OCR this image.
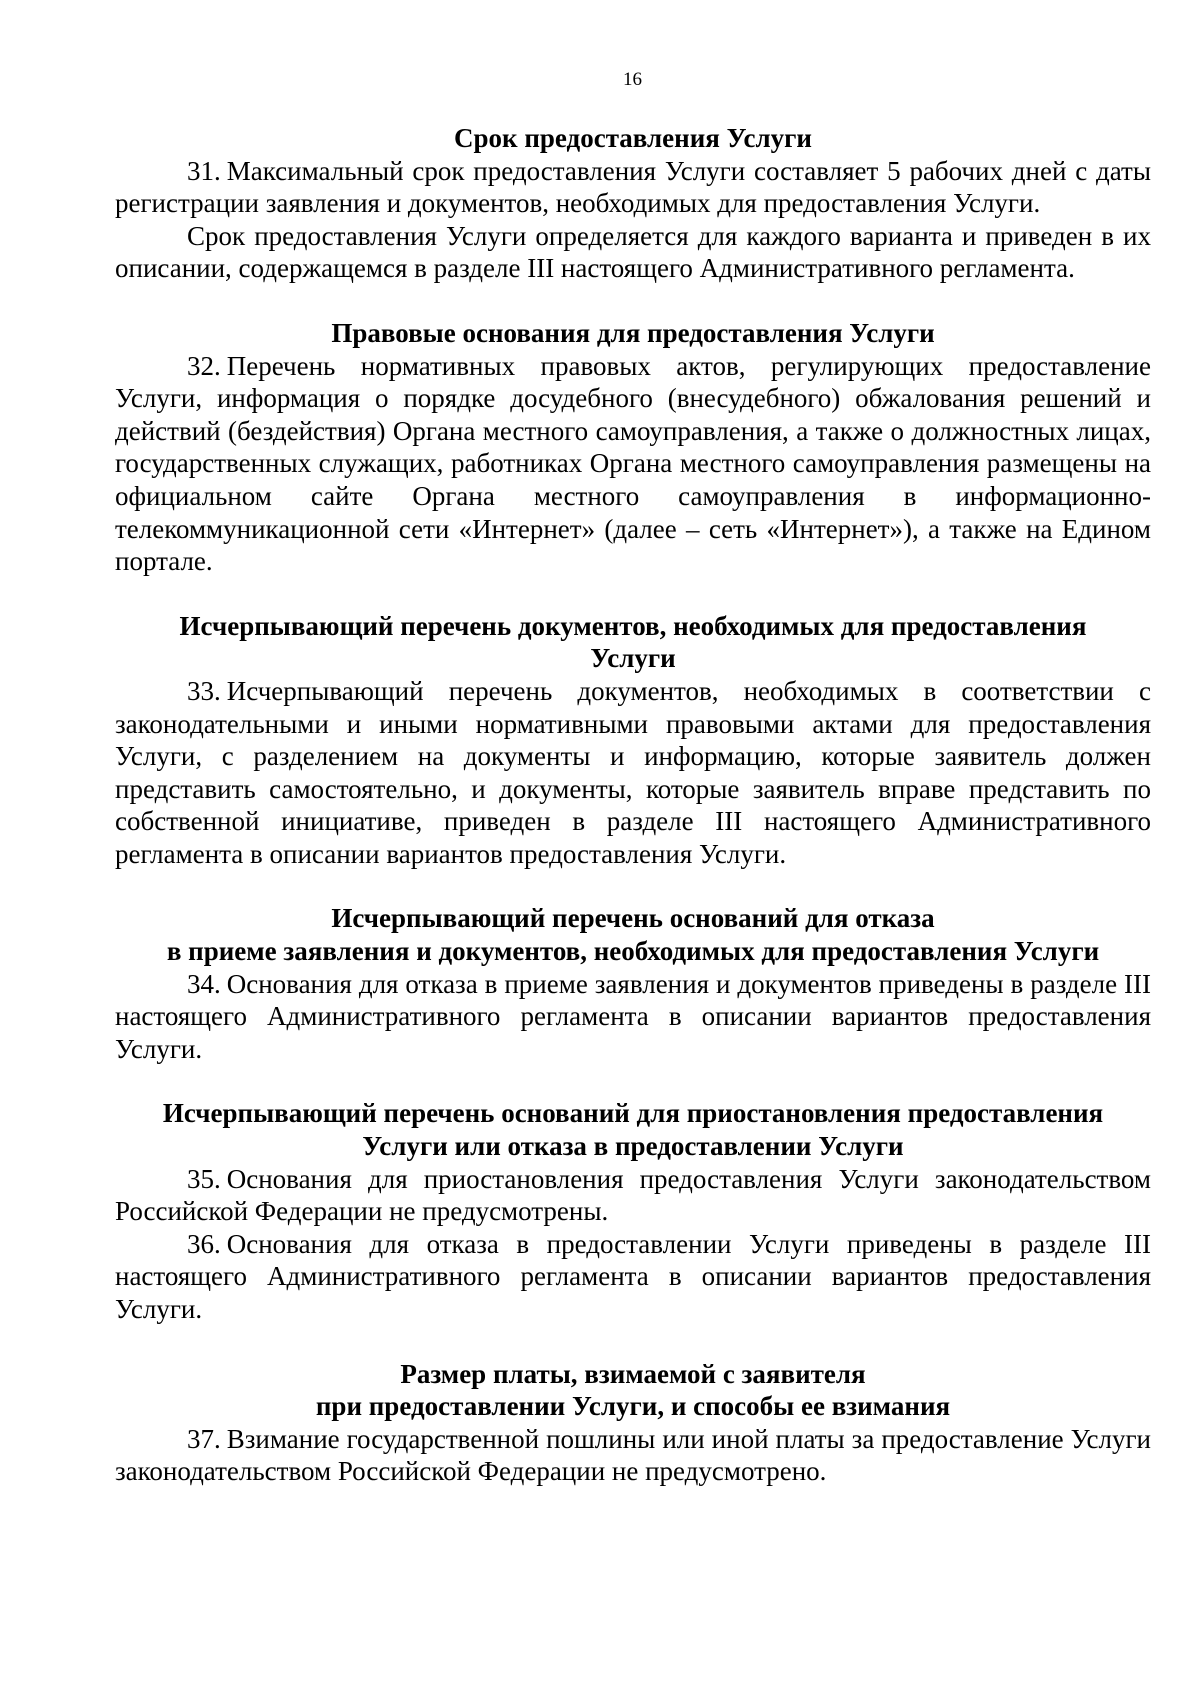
16
Срок предоставления Услуги

31. Максимальный срок предоставления Услуги составляет 5 рабочих дней с даты регистрации заявления и документов, необходимых для предоставления Услуги.

Срок предоставления Услуги определяется для каждого варианта и приведен в их описании, содержащемся в разделе III настоящего Административного регламента.

Правовые основания для предоставления Услуги

32. Перечень нормативных правовых актов, регулирующих предоставление Услуги, информация о порядке досудебного (внесудебного) обжалования решений и действий (бездействия) Органа местного самоуправления, а также о должностных лицах, государственных служащих, работниках Органа местного самоуправления размещены на официальном сайте Органа местного самоуправления в информационно-телекоммуникационной сети «Интернет» (далее – сеть «Интернет»), а также на Едином портале.

Исчерпывающий перечень документов, необходимых для предоставления
Услуги

33. Исчерпывающий перечень документов, необходимых в соответствии с законодательными и иными нормативными правовыми актами для предоставления Услуги, с разделением на документы и информацию, которые заявитель должен представить самостоятельно, и документы, которые заявитель вправе представить по собственной инициативе, приведен в разделе III настоящего Административного регламента в описании вариантов предоставления Услуги.

Исчерпывающий перечень оснований для отказа
в приеме заявления и документов, необходимых для предоставления Услуги

34. Основания для отказа в приеме заявления и документов приведены в разделе III настоящего Административного регламента в описании вариантов предоставления Услуги.

Исчерпывающий перечень оснований для приостановления предоставления
Услуги или отказа в предоставлении Услуги

35. Основания для приостановления предоставления Услуги законодательством Российской Федерации не предусмотрены.

36. Основания для отказа в предоставлении Услуги приведены в разделе III настоящего Административного регламента в описании вариантов предоставления Услуги.

Размер платы, взимаемой с заявителя
при предоставлении Услуги, и способы ее взимания

37. Взимание государственной пошлины или иной платы за предоставление Услуги законодательством Российской Федерации не предусмотрено.
